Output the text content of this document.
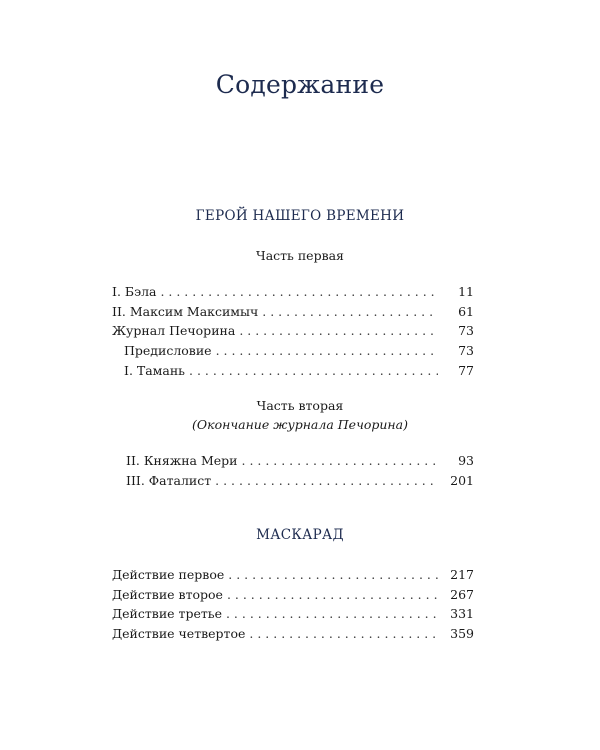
Содержание
ГЕРОЙ НАШЕГО ВРЕМЕНИ
Часть первая
I. Бэла . . .	11
II. Максим Максимыч . . .	61
Журнал Печорина . . .	73
Предисловие . . .	73
I. Тамань . . .	77
Часть вторая
(Окончание журнала Печорина)
II. Княжна Мери . . .	93
III. Фаталист . . .	201
МАСКАРАД
Действие первое . . .	217
Действие второе . . .	267
Действие третье . . .	331
Действие четвертое . . .	359
